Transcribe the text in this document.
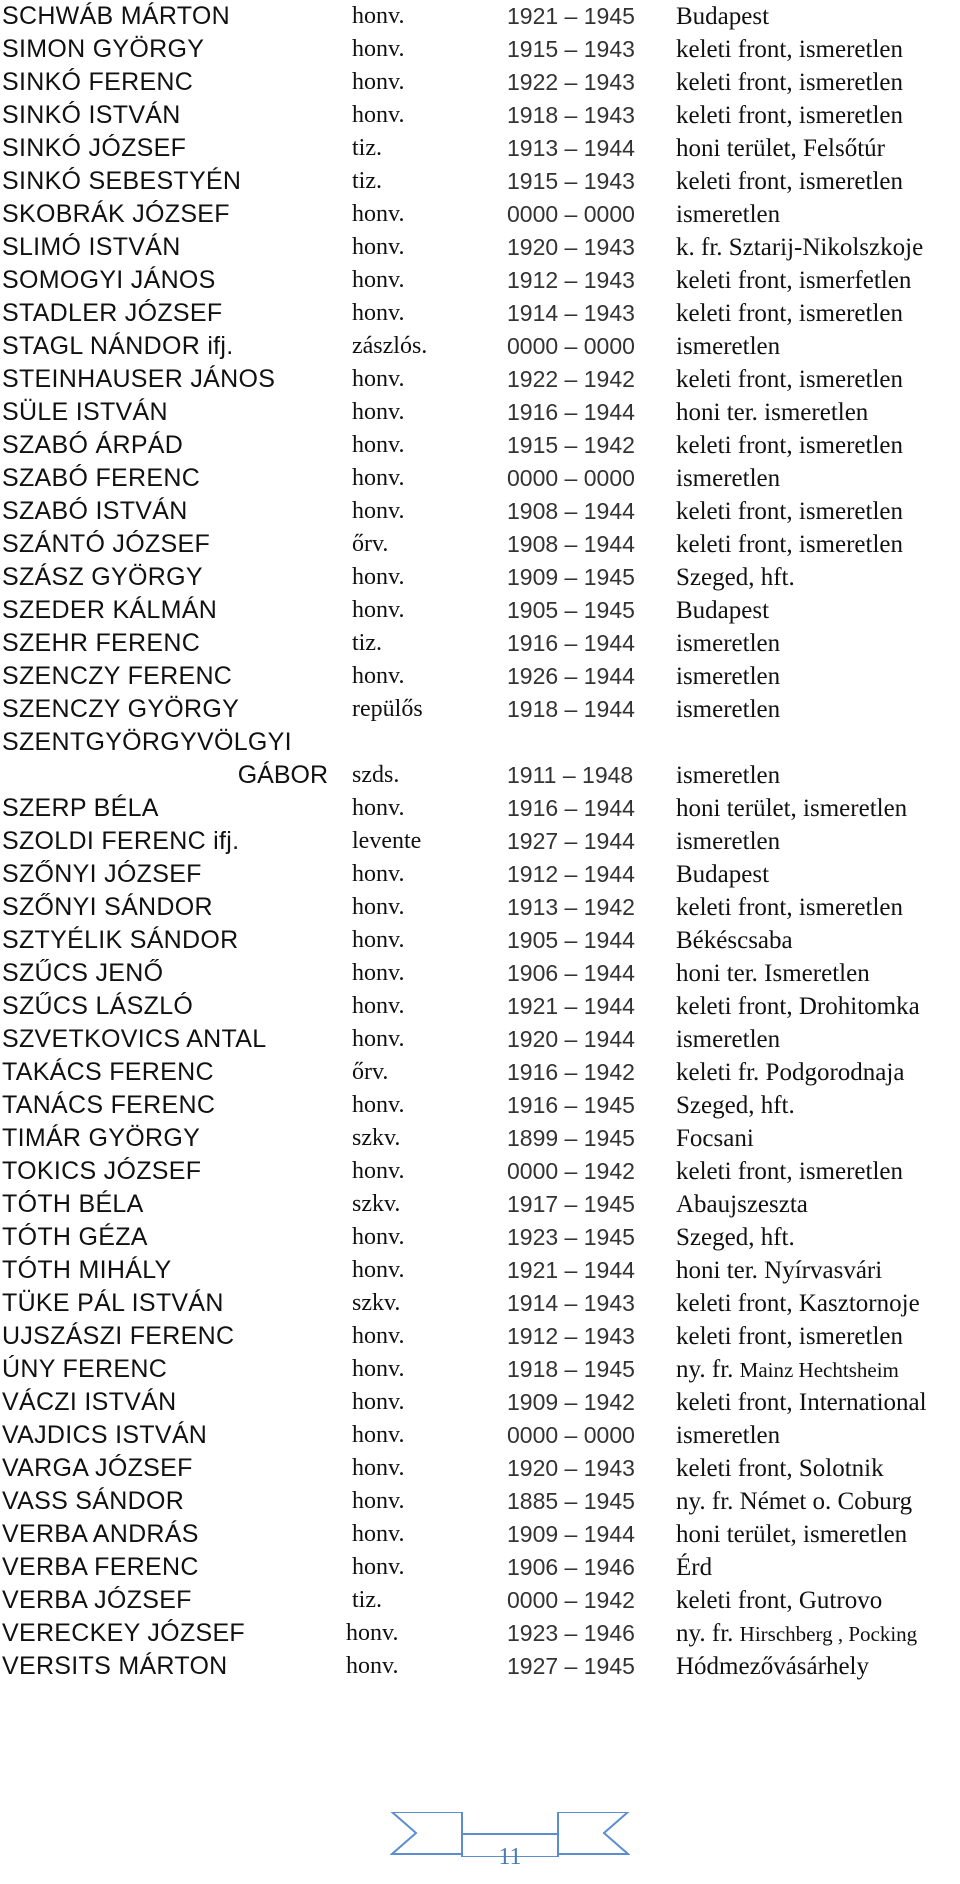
SCHWÁB MÁRTON	honv.	1921 – 1945 Budapest
SIMON GYÖRGY	honv.	1915 – 1943 keleti front, ismeretlen
SINKÓ FERENC	honv.	1922 – 1943 keleti front, ismeretlen
SINKÓ ISTVÁN	honv.	1918 – 1943 keleti front, ismeretlen
SINKÓ JÓZSEF	tiz.	1913 – 1944 honi terület, Felsőtúr
SINKÓ SEBESTYÉN	tiz.	1915 – 1943 keleti front, ismeretlen
SKOBRÁK JÓZSEF	honv.	0000 – 0000 ismeretlen
SLIMÓ ISTVÁN	honv.	1920 – 1943 k. fr. Sztarij-Nikolszkoje
SOMOGYI JÁNOS	honv.	1912 – 1943 keleti front, ismerfetlen
STADLER JÓZSEF	honv.	1914 – 1943 keleti front, ismeretlen
STAGL NÁNDOR ifj.	zászlós.	0000 – 0000 ismeretlen
STEINHAUSER JÁNOS	honv.	1922 – 1942 keleti front, ismeretlen
SÜLE ISTVÁN	honv.	1916 – 1944 honi ter. ismeretlen
SZABÓ ÁRPÁD	honv.	1915 – 1942 keleti front, ismeretlen
SZABÓ FERENC	honv.	0000 – 0000 ismeretlen
SZABÓ ISTVÁN	honv.	1908 – 1944 keleti front, ismeretlen
SZÁNTÓ JÓZSEF	őrv.	1908 – 1944 keleti front, ismeretlen
SZÁSZ GYÖRGY	honv.	1909 – 1945 Szeged, hft.
SZEDER KÁLMÁN	honv.	1905 – 1945 Budapest
SZEHR FERENC	tiz.	1916 – 1944 ismeretlen
SZENCZY FERENC	honv.	1926 – 1944 ismeretlen
SZENCZY GYÖRGY	repülős	1918 – 1944 ismeretlen
SZENTGYÖRGYVÖLGYI
GÁBOR szds.	1911 – 1948 ismeretlen
SZERP BÉLA	honv.	1916 – 1944 honi terület, ismeretlen
SZOLDI FERENC ifj.	levente	1927 – 1944 ismeretlen
SZŐNYI JÓZSEF	honv.	1912 – 1944 Budapest
SZŐNYI SÁNDOR	honv.	1913 – 1942 keleti front, ismeretlen
SZTYÉLIK SÁNDOR	honv.	1905 – 1944 Békéscsaba
SZŰCS JENŐ	honv.	1906 – 1944 honi ter. Ismeretlen
SZŰCS LÁSZLÓ	honv.	1921 – 1944 keleti front, Drohitomka
SZVETKOVICS ANTAL	honv.	1920 – 1944 ismeretlen
TAKÁCS FERENC	őrv.	1916 – 1942 keleti fr. Podgorodnaja
TANÁCS FERENC	honv.	1916 – 1945 Szeged, hft.
TIMÁR GYÖRGY	szkv.	1899 – 1945 Focsani
TOKICS JÓZSEF	honv.	0000 – 1942 keleti front, ismeretlen
TÓTH BÉLA	szkv.	1917 – 1945 Abaujszeszta
TÓTH GÉZA	honv.	1923 – 1945 Szeged, hft.
TÓTH MIHÁLY	honv.	1921 – 1944 honi ter. Nyírvasvári
TÜKE PÁL ISTVÁN	szkv.	1914 – 1943 keleti front, Kasztornoje
UJSZÁSZI FERENC	honv.	1912 – 1943 keleti front, ismeretlen
ÚNY FERENC	honv.	1918 – 1945 ny. fr. Mainz Hechtsheim
VÁCZI ISTVÁN	honv.	1909 – 1942 keleti front, International
VAJDICS ISTVÁN	honv.	0000 – 0000 ismeretlen
VARGA JÓZSEF	honv.	1920 – 1943 keleti front, Solotnik
VASS SÁNDOR	honv.	1885 – 1945 ny. fr. Német o. Coburg
VERBA ANDRÁS	honv.	1909 – 1944 honi terület, ismeretlen
VERBA FERENC	honv.	1906 – 1946 Érd
VERBA JÓZSEF	tiz.	0000 – 1942 keleti front, Gutrovo
VERECKEY JÓZSEF	honv.	1923 – 1946 ny. fr. Hirschberg , Pocking
VERSITS MÁRTON	honv.	1927 – 1945 Hódmezővásárhely
11
